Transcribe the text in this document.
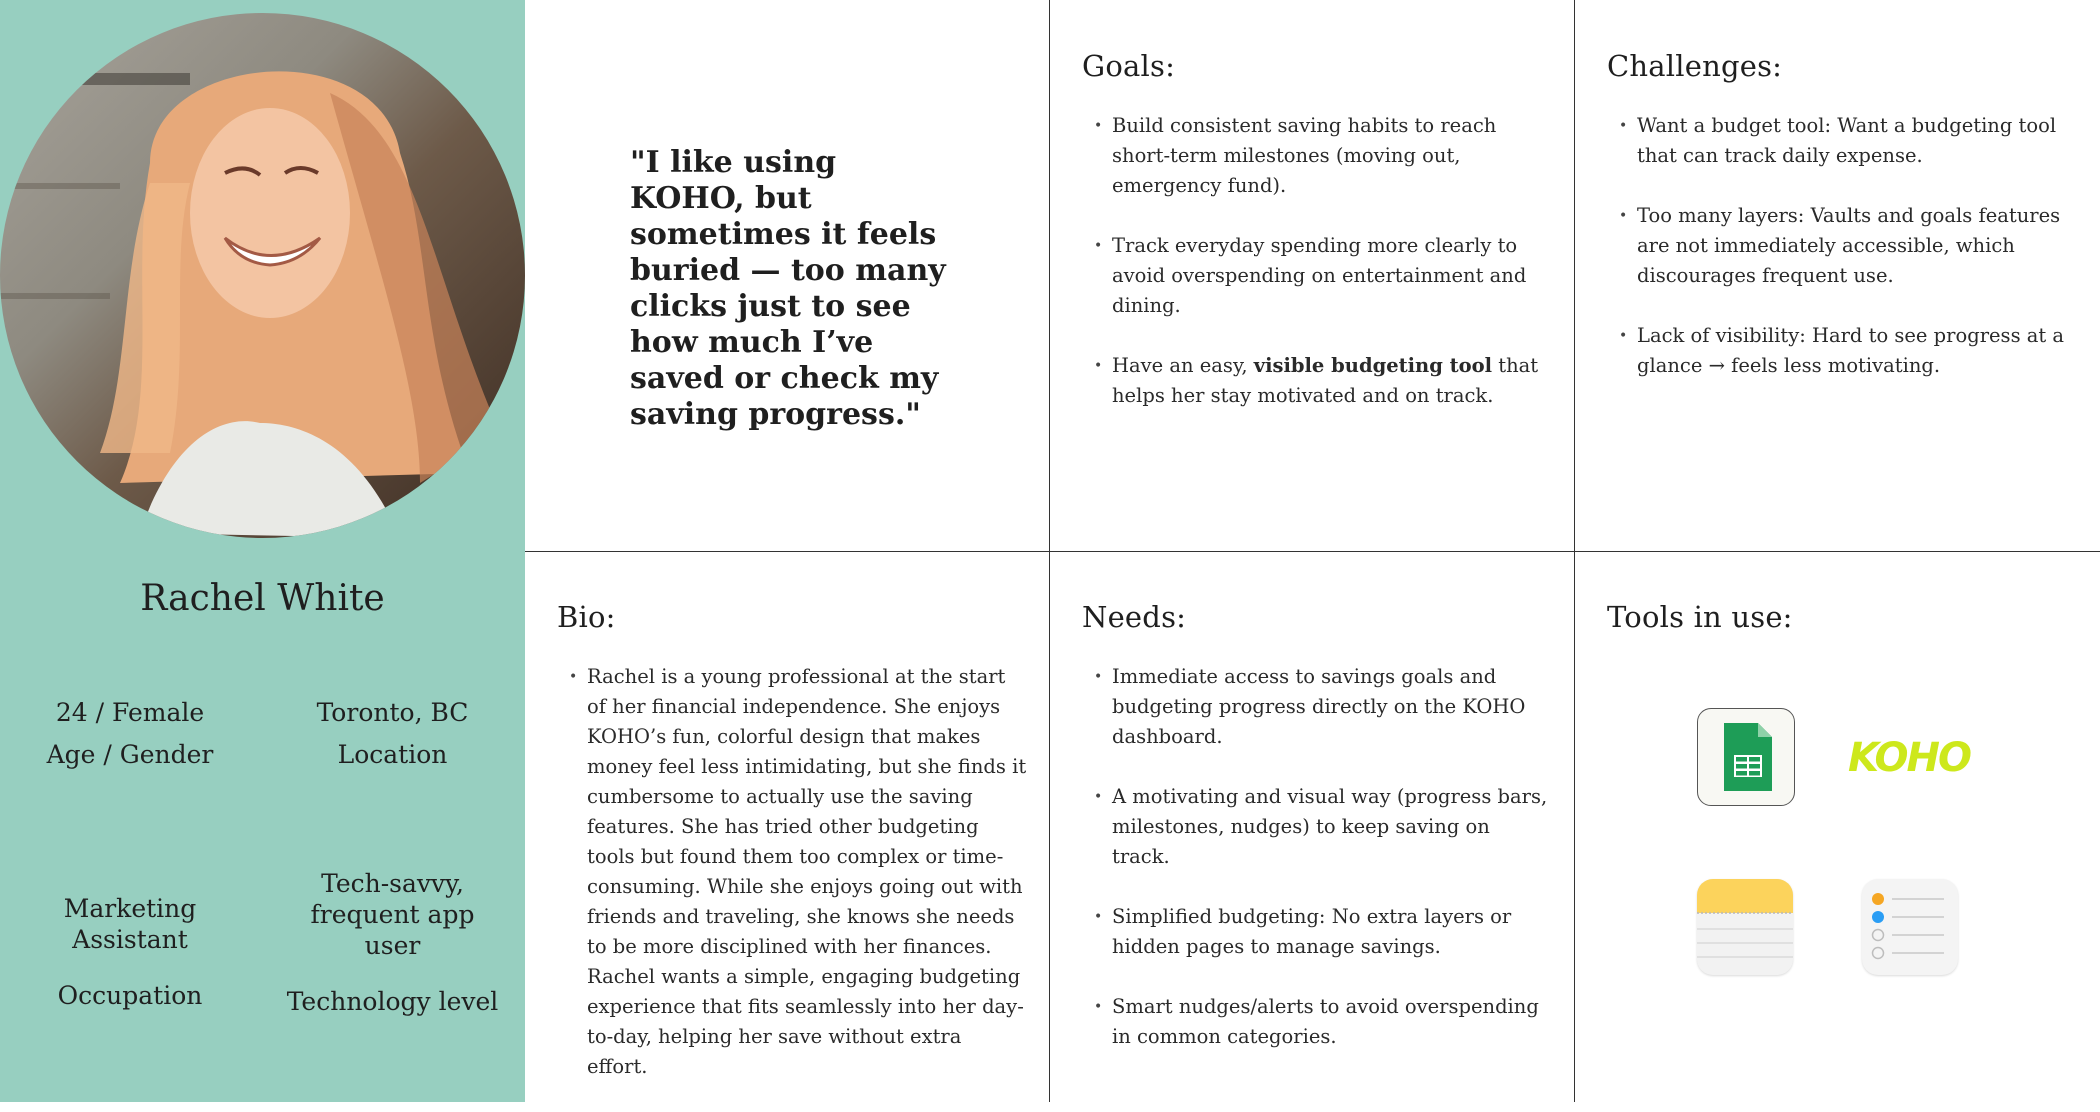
Rachel White
24 / Female
Age / Gender
Toronto, BC
Location
Marketing Assistant
Occupation
Tech-savvy, frequent app user
Technology level
"I like using KOHO, but sometimes it feels buried — too many clicks just to see how much I’ve saved or check my saving progress."
Goals:
• Build consistent saving habits to reach short-term milestones (moving out, emergency fund).
• Track everyday spending more clearly to avoid overspending on entertainment and dining.
• Have an easy, visible budgeting tool that helps her stay motivated and on track.
Challenges:
• Want a budget tool: Want a budgeting tool that can track daily expense.
• Too many layers: Vaults and goals features are not immediately accessible, which discourages frequent use.
• Lack of visibility: Hard to see progress at a glance → feels less motivating.
Bio:
• Rachel is a young professional at the start of her financial independence. She enjoys KOHO’s fun, colorful design that makes money feel less intimidating, but she finds it cumbersome to actually use the saving features. She has tried other budgeting tools but found them too complex or time-consuming. While she enjoys going out with friends and traveling, she knows she needs to be more disciplined with her finances. Rachel wants a simple, engaging budgeting experience that fits seamlessly into her day-to-day, helping her save without extra effort.
Needs:
• Immediate access to savings goals and budgeting progress directly on the KOHO dashboard.
• A motivating and visual way (progress bars, milestones, nudges) to keep saving on track.
• Simplified budgeting: No extra layers or hidden pages to manage savings.
• Smart nudges/alerts to avoid overspending in common categories.
Tools in use:
KOHO
